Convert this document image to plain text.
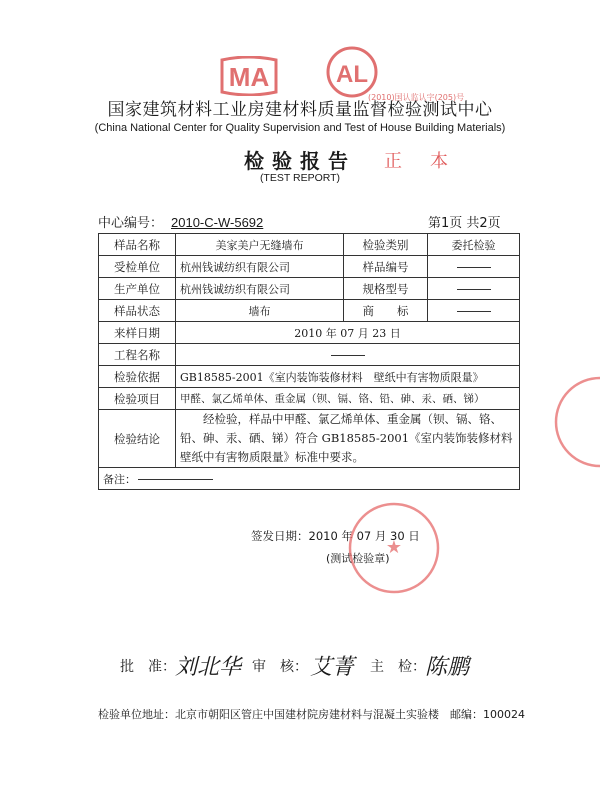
MA	AL
(2010)国认监认字(205)号
国家建筑材料工业房建材料质量监督检验测试中心
(China National Center for Quality Supervision and Test of House Building Materials)
检验报告	正本
(TEST REPORT)
中心编号： 2010-C-W-5692	第1页 共2页
样品名称	美家美户无缝墙布	检验类别	委托检验
受检单位	杭州钱诚纺织有限公司	样品编号	
生产单位	杭州钱诚纺织有限公司	规格型号	
样品状态	墙布	商　　标	
来样日期	2010 年 07 月 23 日		
工程名称			
检验依据	GB18585-2001《室内装饰装修材料　壁纸中有害物质限量》		
检验项目	甲醛、氯乙烯单体、重金属（钡、镉、铬、铅、砷、汞、硒、锑）		
检验结论	经检验，样品中甲醛、氯乙烯单体、重金属（钡、镉、铬、铅、砷、汞、硒、锑）符合 GB18585-2001《室内装饰装修材料　壁纸中有害物质限量》标准中要求。
签发日期：2010 年 07 月 30 日
(测试检验章)
★		

备注：			
批　准： 刘北华 审　核： 艾菁 主　检： 陈鹏
检验单位地址：北京市朝阳区管庄中国建材院房建材料与混凝土实验楼　邮编：100024
